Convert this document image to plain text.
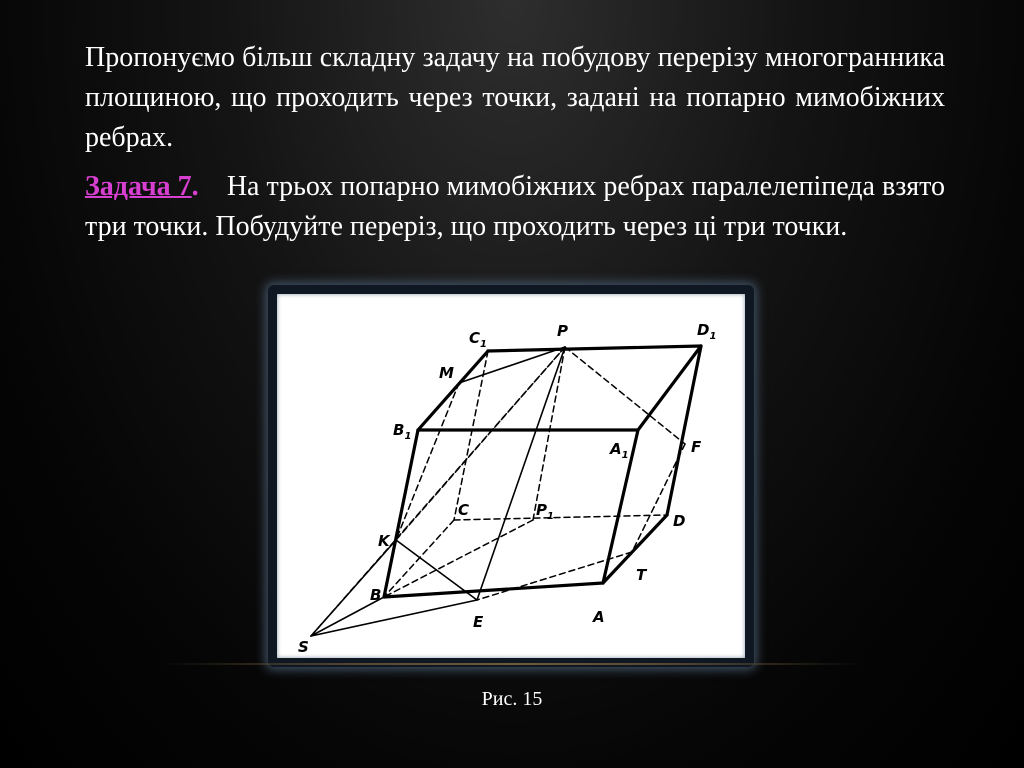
Пропонуємо більш складну задачу на побудову перерізу многогранника площиною, що проходить через точки, задані на попарно мимобіжних ребрах.

Задача 7. На трьох попарно мимобіжних ребрах паралелепіпеда взято три точки. Побудуйте переріз, що проходить через ці три точки.

$C_1$
P	$D_1$
M
$B_1$
$A_1$	F
C	$P_1$	D
K
B
T
E	A
S
Рис. 15
